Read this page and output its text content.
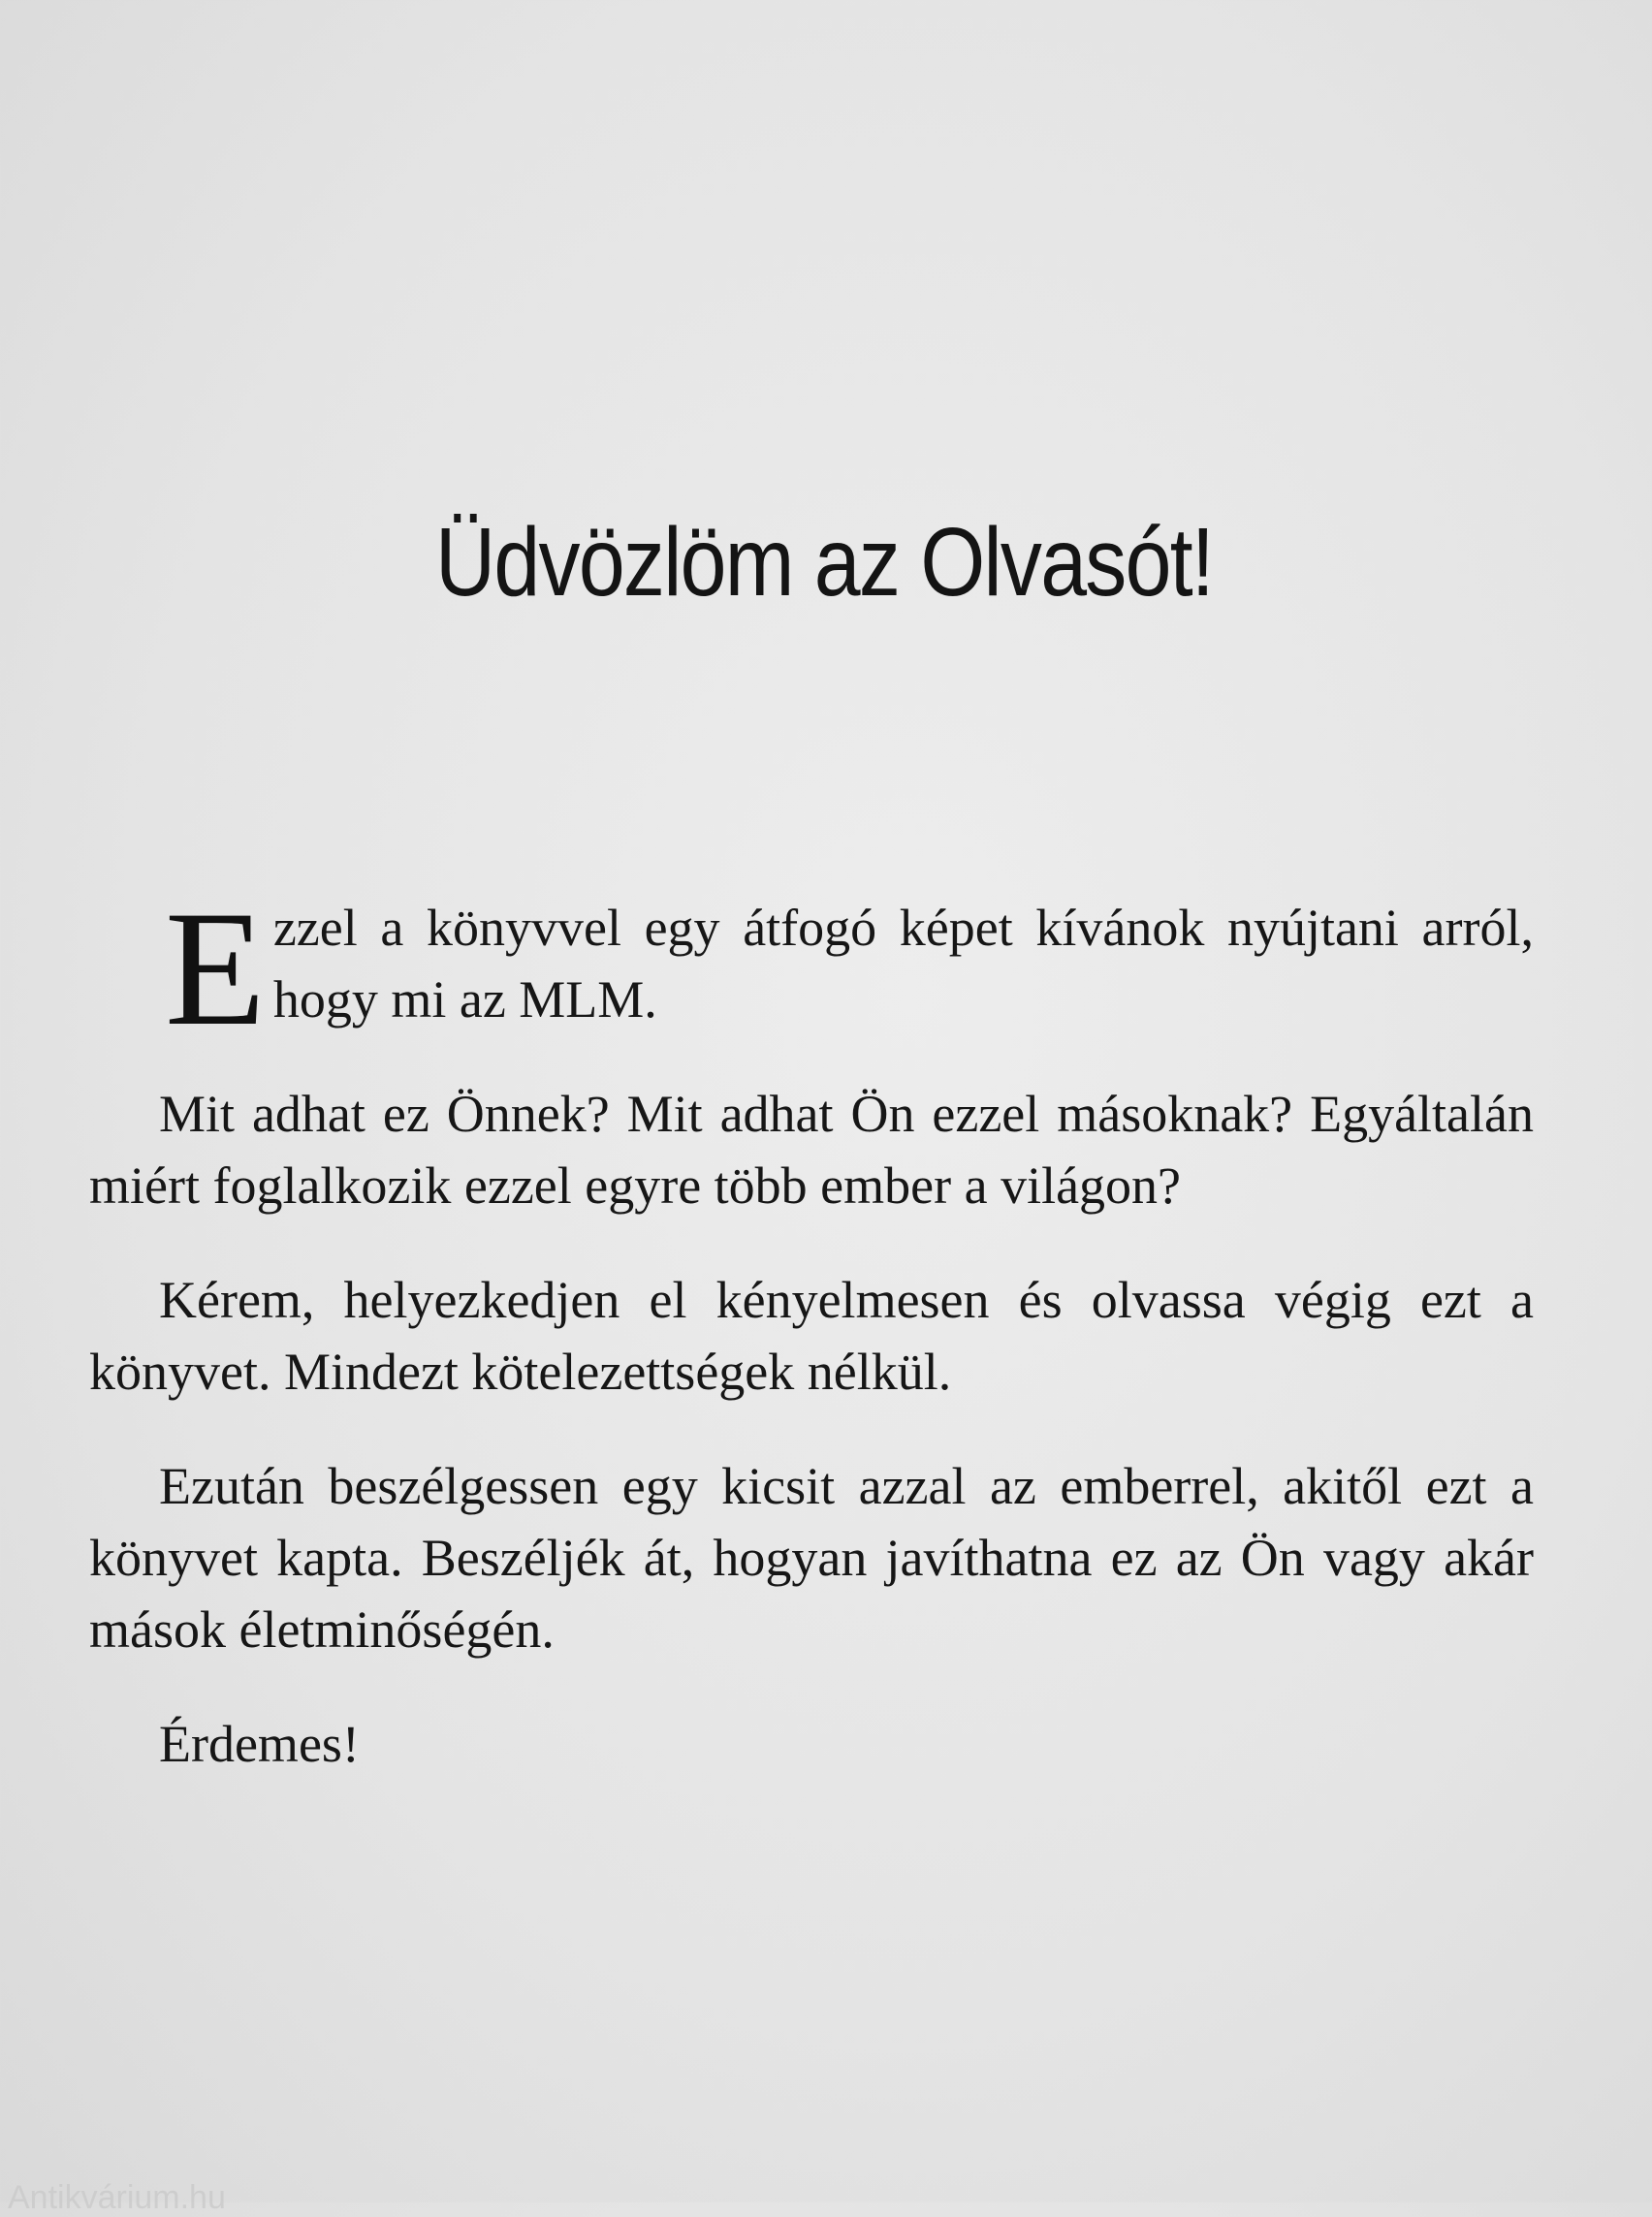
Üdvözlöm az Olvasót!

Ezzel a könyvvel egy átfogó képet kívánok nyújtani arról, hogy mi az MLM.

Mit adhat ez Önnek? Mit adhat Ön ezzel másoknak? Egyáltalán miért foglalkozik ezzel egyre több ember a világon?

Kérem, helyezkedjen el kényelmesen és olvassa végig ezt a könyvet. Mindezt kötelezettségek nélkül.

Ezután beszélgessen egy kicsit azzal az emberrel, akitől ezt a könyvet kapta. Beszéljék át, hogyan javíthatna ez az Ön vagy akár mások életminőségén.

Érdemes!

Antikvárium.hu
